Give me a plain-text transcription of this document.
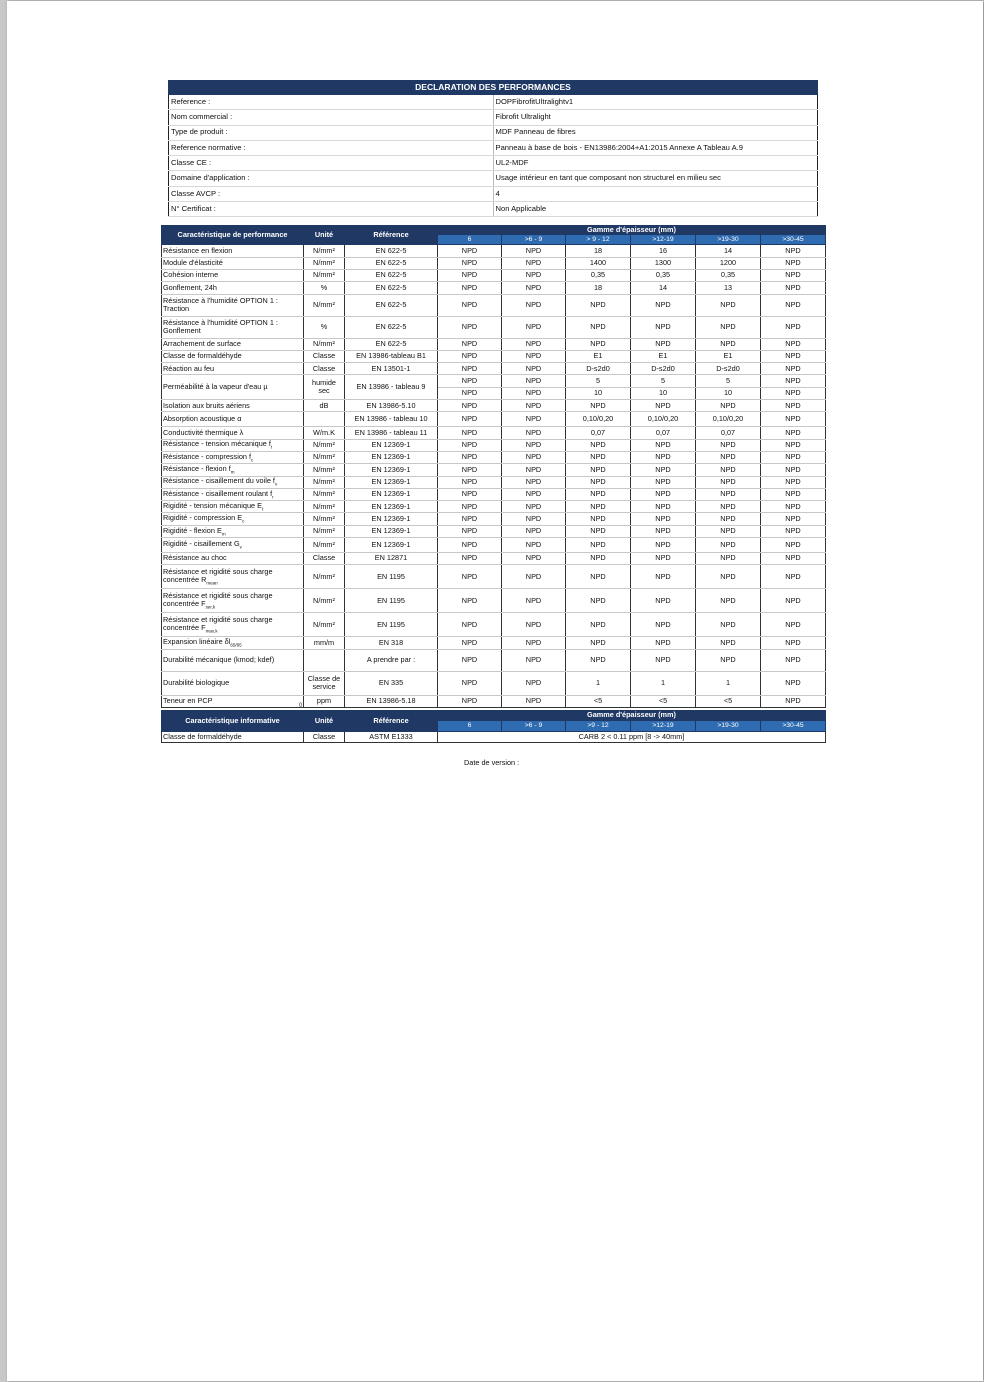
DECLARATION DES PERFORMANCES	
Reference :	DOPFibrofitUltralightv1
Nom commercial :	Fibrofit Ultralight
Type de produit :	MDF Panneau de fibres
Reference normative :	Panneau à base de bois - EN13986:2004+A1:2015 Annexe A Tableau A.9
Classe CE :	UL2-MDF
Domaine d'application :	Usage intérieur en tant que composant non structurel en milieu sec
Classe AVCP :	4
N° Certificat :	Non Applicable
Caractéristique de performance	Unité	Référence	Gamme d'épaisseur (mm)					
			6	>6 - 9	> 9 - 12	>12-19	>19-30	>30-45
Résistance en flexion	N/mm²	EN 622-5	NPD	NPD	18	16	14	NPD
Module d'élasticité	N/mm²	EN 622-5	NPD	NPD	1400	1300	1200	NPD
Cohésion interne	N/mm²	EN 622-5	NPD	NPD	0,35	0,35	0,35	NPD
Gonflement, 24h	%	EN 622-5	NPD	NPD	18	14	13	NPD
Résistance à l'humidité OPTION 1 : Traction	N/mm²	EN 622-5	NPD	NPD	NPD	NPD	NPD	NPD
Résistance à l'humidité OPTION 1 : Gonflement	%	EN 622-5	NPD	NPD	NPD	NPD	NPD	NPD
Arrachement de surface	N/mm²	EN 622-5	NPD	NPD	NPD	NPD	NPD	NPD
Classe de formaldéhyde	Classe	EN 13986-tableau B1	NPD	NPD	E1	E1	E1	NPD
Réaction au feu	Classe	EN 13501-1	NPD	NPD	D-s2d0	D-s2d0	D-s2d0	NPD
Perméabilité à la vapeur d'eau µ	humide sec	EN 13986 - tableau 9	NPD	NPD	5	5	5	NPD
			NPD	NPD	10	10	10	NPD
Isolation aux bruits aériens	dB	EN 13986-5.10	NPD	NPD	NPD	NPD	NPD	NPD
Absorption acoustique α		EN 13986 - tableau 10	NPD	NPD	0,10/0,20	0,10/0,20	0,10/0,20	NPD
Conductivité thermique λ	W/m.K	EN 13986 - tableau 11	NPD	NPD	0,07	0,07	0,07	NPD
Résistance - tension mécanique $f_t$	N/mm²	EN 12369-1	NPD	NPD	NPD	NPD	NPD	NPD
Résistance - compression $f_c$	N/mm²	EN 12369-1	NPD	NPD	NPD	NPD	NPD	NPD
Résistance - flexion $f_m$	N/mm²	EN 12369-1	NPD	NPD	NPD	NPD	NPD	NPD
Résistance - cisaillement du voile $f_v$	N/mm²	EN 12369-1	NPD	NPD	NPD	NPD	NPD	NPD
Résistance - cisaillement roulant $f_r$	N/mm²	EN 12369-1	NPD	NPD	NPD	NPD	NPD	NPD
Rigidité - tension mécanique $E_t$	N/mm²	EN 12369-1	NPD	NPD	NPD	NPD	NPD	NPD
Rigidité - compression $E_c$	N/mm²	EN 12369-1	NPD	NPD	NPD	NPD	NPD	NPD
Rigidité - flexion $E_m$	N/mm²	EN 12369-1	NPD	NPD	NPD	NPD	NPD	NPD
Rigidité - cisaillement $G_v$	N/mm²	EN 12369-1	NPD	NPD	NPD	NPD	NPD	NPD
Résistance au choc	Classe	EN 12871	NPD	NPD	NPD	NPD	NPD	NPD
Résistance et rigidité sous charge concentrée $R_{mean}$	N/mm²	EN 1195	NPD	NPD	NPD	NPD	NPD	NPD
Résistance et rigidité sous charge concentrée $F_{ser,k}$	N/mm²	EN 1195	NPD	NPD	NPD	NPD	NPD	NPD
Résistance et rigidité sous charge concentrée $F_{max,k}$	N/mm²	EN 1195	NPD	NPD	NPD	NPD	NPD	NPD
Expansion linéaire $\delta l_{65/85}$	mm/m	EN 318	NPD	NPD	NPD	NPD	NPD	NPD
Durabilité mécanique (kmod; kdef)		A prendre par :	NPD	NPD	NPD	NPD	NPD	NPD
Durabilité biologique	Classe de service	EN 335	NPD	NPD	1	1	1	NPD
Teneur en PCP	ppm	EN 13986-5.18	NPD	NPD	<5	<5	<5	NPD
0
Caractéristique informative	Unité	Référence	Gamme d'épaisseur (mm)					
			6	>6 - 9	>9 - 12	>12-19	>19-30	>30-45
Classe de formaldéhyde	Classe	ASTM E1333	CARB 2 < 0.11 ppm [8 -> 40mm]					
Date de version :
